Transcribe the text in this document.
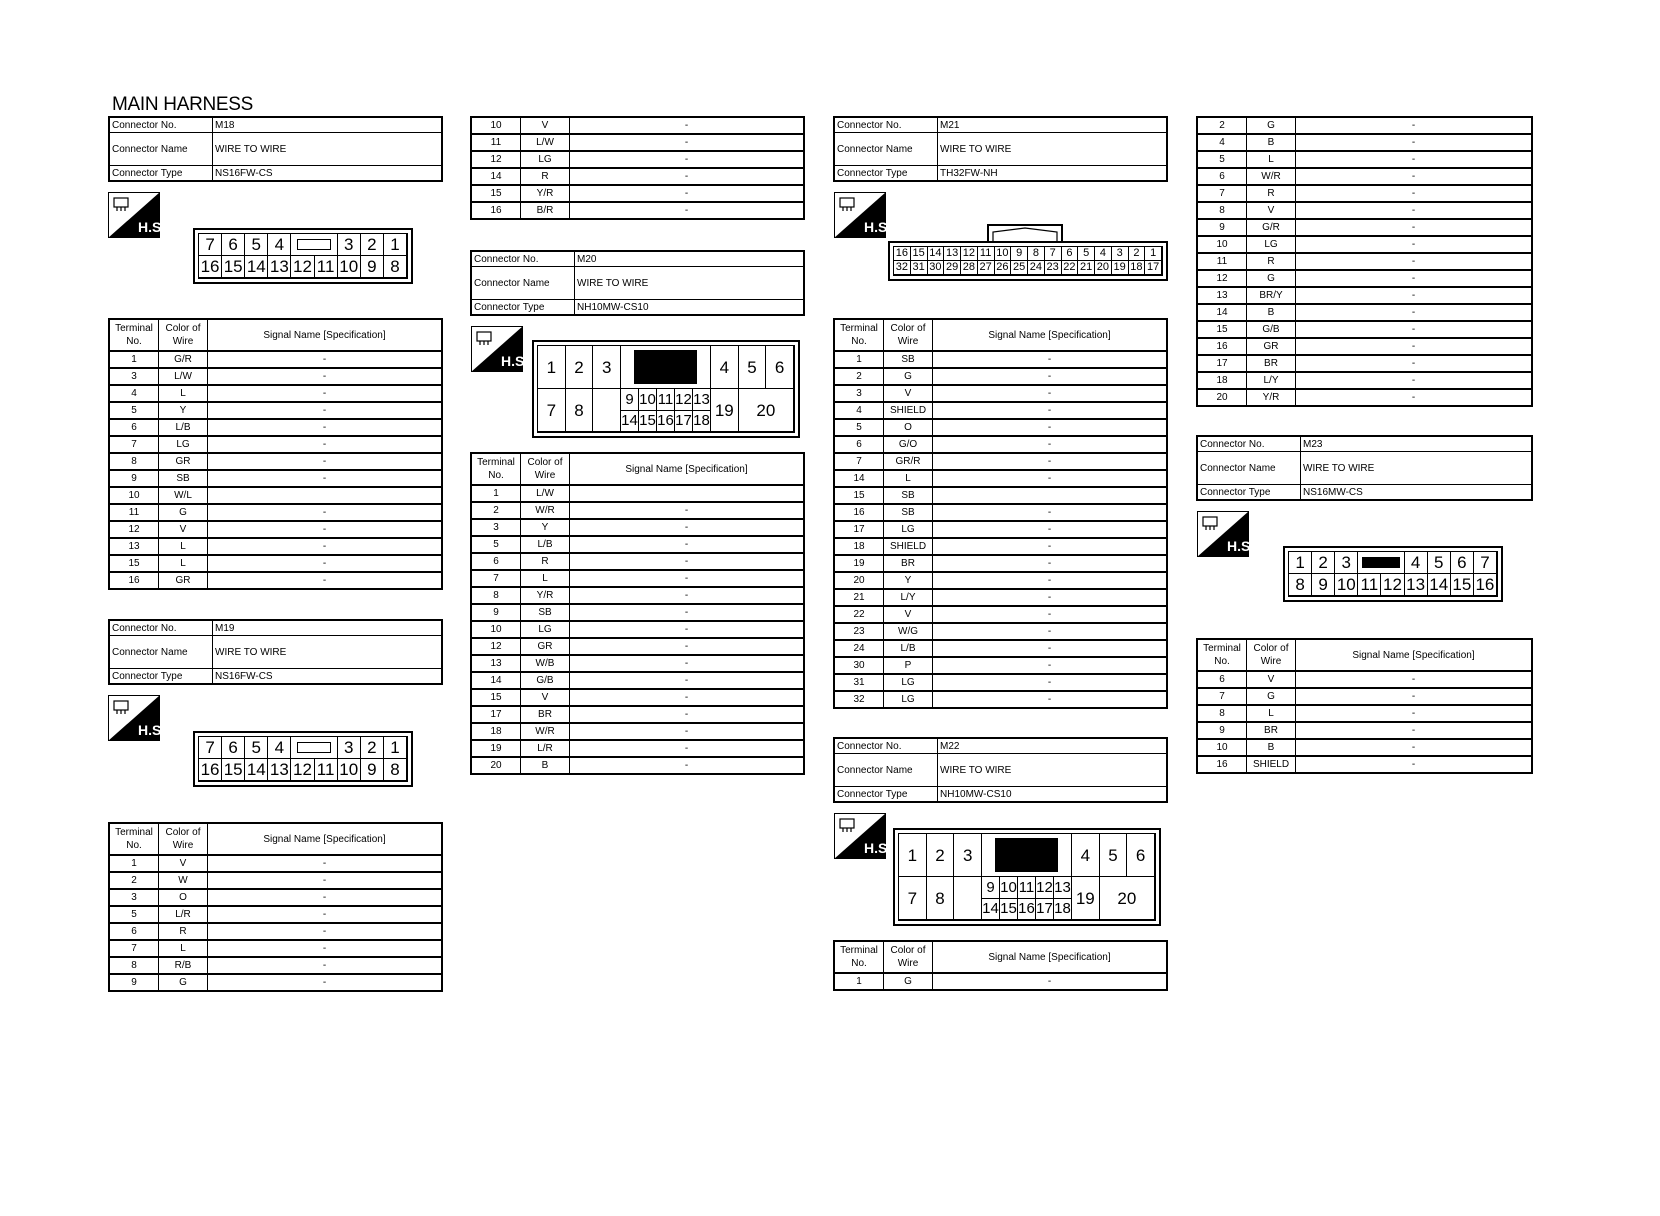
MAIN HARNESS
Connector No.	M18
Connector Name	WIRE TO WIRE
Connector Type	NS16FW-CS
H.S.
7 6 5 4	3 2 1
16 15 14 13 12 11 10 9 8
Terminal No.	Color of Wire	Signal Name [Specification]
1	G/R	-
3	L/W	-
4	L	-
5	Y	-
6	L/B	-
7	LG	-
8	GR	-
9	SB	-
10	W/L	
11	G	-
12	V	-
13	L	-
15	L	-
16	GR	-
Connector No.	M19
Connector Name	WIRE TO WIRE
Connector Type	NS16FW-CS
H.S.
7 6 5 4	3 2 1
16 15 14 13 12 11 10 9 8
Terminal No.	Color of Wire	Signal Name [Specification]
1	V	-
2	W	-
3	O	-
5	L/R	-
6	R	-
7	L	-
8	R/B	-
9	G	-
10	V	-
11	L/W	-
12	LG	-
14	R	-
15	Y/R	-
16	B/R	-
Connector No.	M20
Connector Name	WIRE TO WIRE
Connector Type	NH10MW-CS10
H.S.	1	2	3	4	5	6
7	8
9 10 11 12 13
14 15 16 17 18
19	20
Terminal No.	Color of Wire	Signal Name [Specification]
1	L/W	
2	W/R	-
3	Y	-
5	L/B	-
6	R	-
7	L	-
8	Y/R	-
9	SB	-
10	LG	-
12	GR	-
13	W/B	-
14	G/B	-
15	V	-
17	BR	-
18	W/R	-
19	L/R	-
20	B	-
Connector No.	M21
Connector Name	WIRE TO WIRE
Connector Type	TH32FW-NH
H.S.
16 15 14 13 12 11 10 9 8 7 6 5 4 3 2 1
32 31 30 29 28 27 26 25 24 23 22 21 20 19 18 17
Terminal No.	Color of Wire	Signal Name [Specification]
1	SB	-
2	G	-
3	V	-
4	SHIELD	-
5	O	-
6	G/O	-
7	GR/R	-
14	L	-
15	SB	
16	SB	-
17	LG	-
18	SHIELD	-
19	BR	-
20	Y	-
21	L/Y	-
22	V	-
23	W/G	-
24	L/B	-
30	P	-
31	LG	-
32	LG	-
Connector No.	M22
Connector Name	WIRE TO WIRE
Connector Type	NH10MW-CS10
H.S. 1	2	3	4	5	6
7	8
9 10 11 12 13
14 15 16 17 18
19	20
Terminal No.	Color of Wire	Signal Name [Specification]
1	G	-
2	G	-
4	B	-
5	L	-
6	W/R	-
7	R	-
8	V	-
9	G/R	-
10	LG	-
11	R	-
12	G	-
13	BR/Y	-
14	B	-
15	G/B	-
16	GR	-
17	BR	-
18	L/Y	-
20	Y/R	-
Connector No.	M23
Connector Name	WIRE TO WIRE
Connector Type	NS16MW-CS
H.S.
1 2 3	4 5 6 7
8 9 10 11 12 13 14 15 16
Terminal No.	Color of Wire	Signal Name [Specification]
6	V	-
7	G	-
8	L	-
9	BR	-
10	B	-
16	SHIELD	-
